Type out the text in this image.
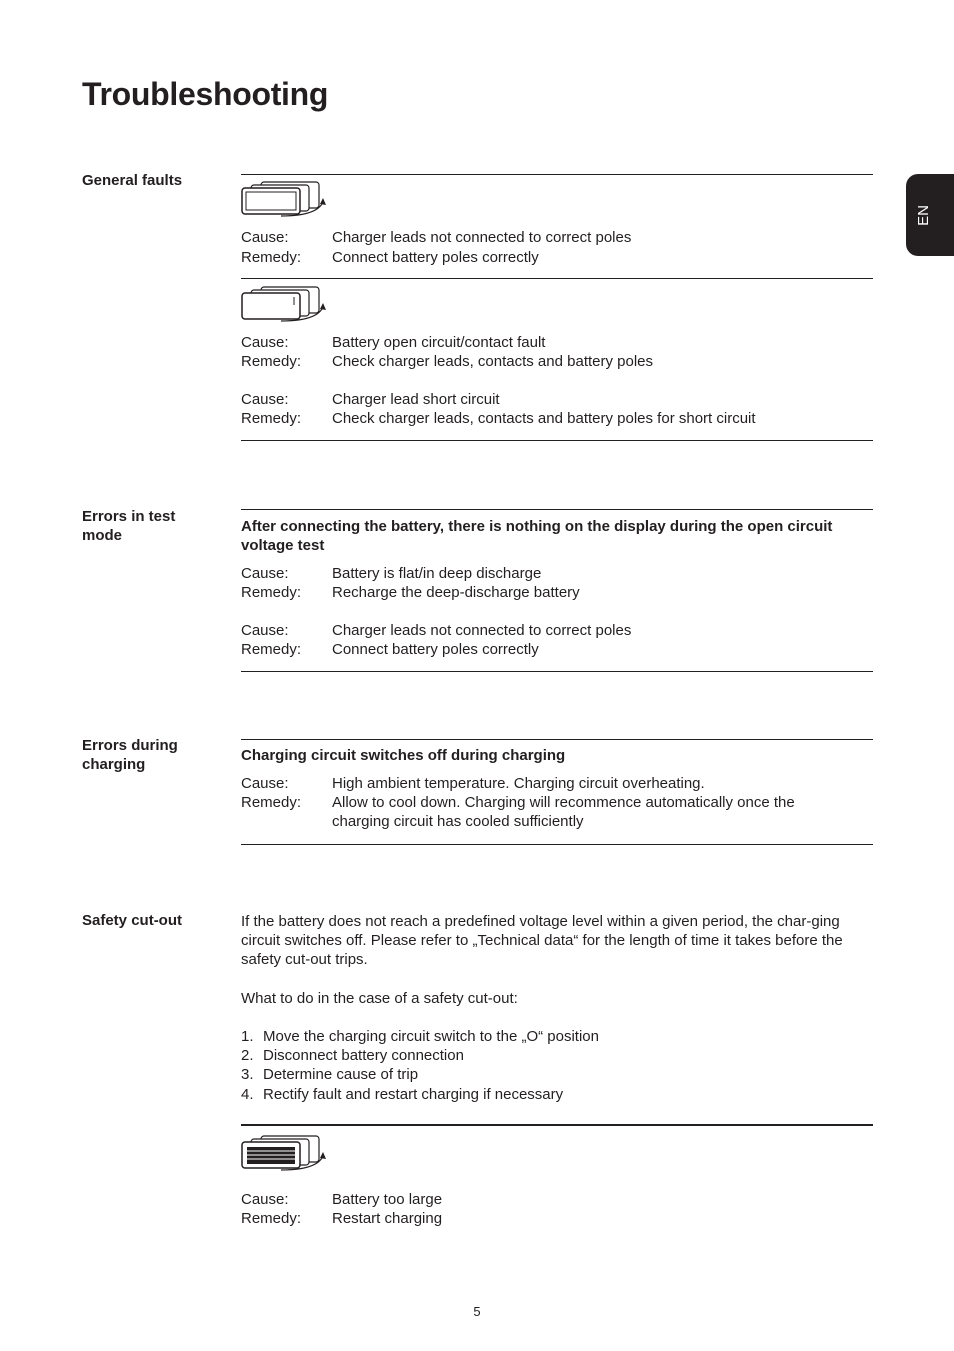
Troubleshooting
EN
General faults
Cause:	Charger leads not connected to correct poles
Remedy: Connect battery poles correctly
Cause:	Battery open circuit/contact fault
Remedy: Check charger leads, contacts and battery poles
Cause:	Charger lead short circuit
Remedy: Check charger leads, contacts and battery poles for short circuit
Errors in test mode
After connecting the battery, there is nothing on the display during the open circuit voltage test
Cause:	Battery is flat/in deep discharge
Remedy: Recharge the deep-discharge battery
Cause:	Charger leads not connected to correct poles
Remedy: Connect battery poles correctly
Errors during charging
Charging circuit switches off during charging
Cause:	High ambient temperature. Charging circuit overheating.
Remedy: Allow to cool down. Charging will recommence automatically once the charging circuit has cooled sufficiently
Safety cut-out	If the battery does not reach a predefined voltage level within a given period, the char-ging circuit switches off. Please refer to „Technical data“ for the length of time it takes before the safety cut-out trips.
What to do in the case of a safety cut-out:
1. Move the charging circuit switch to the „O“ position
2. Disconnect battery connection
3. Determine cause of trip
4. Rectify fault and restart charging if necessary
Cause:	Battery too large
Remedy: Restart charging
5
